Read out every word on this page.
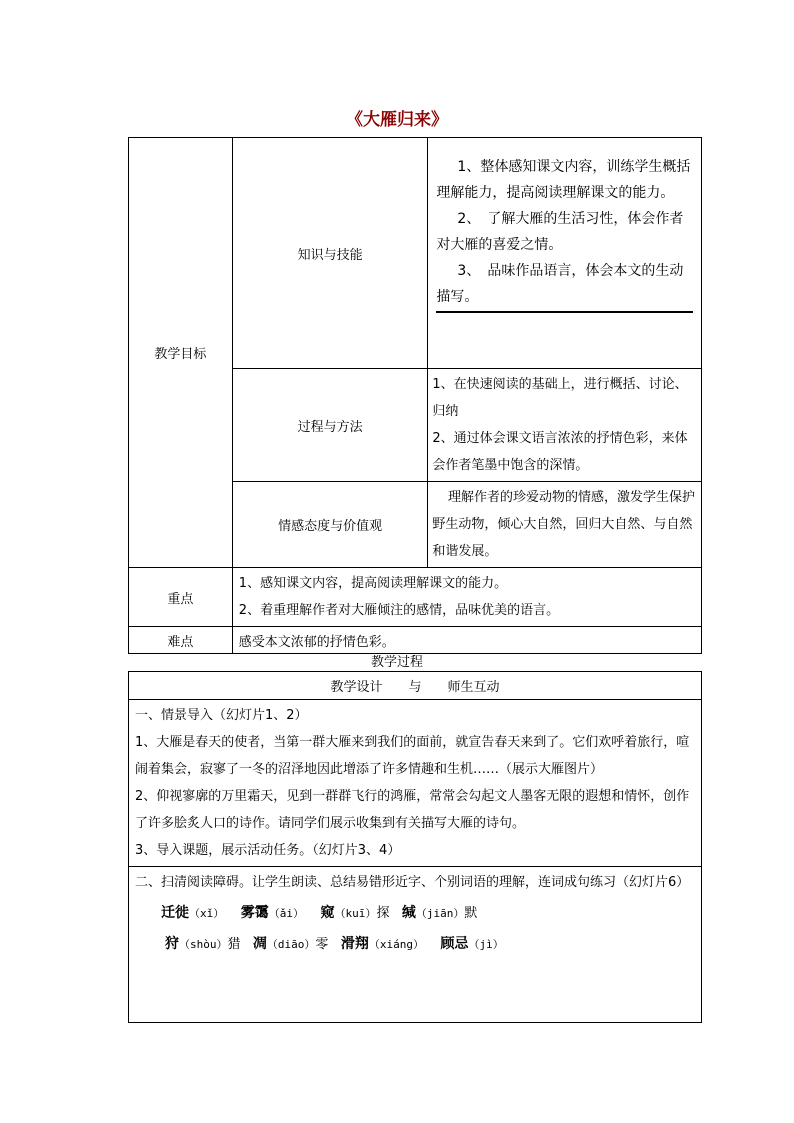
《大雁归来》
教学目标	知识与技能	1、整体感知课文内容，训练学生概括理解能力，提高阅读理解课文的能力。

2、　了解大雁的生活习性，体会作者对大雁的喜爱之情。

3、　品味作品语言，体会本文的生动描写。

	过程与方法	1、在快速阅读的基础上，进行概括、讨论、归纳

2、通过体会课文语言浓浓的抒情色彩，来体会作者笔墨中饱含的深情。

	情感态度与价值观	理解作者的珍爱动物的情感，激发学生保护野生动物，倾心大自然，回归大自然、与自然和谐发展。

重点	1、感知课文内容，提高阅读理解课文的能力。

2、着重理解作者对大雁倾注的感情，品味优美的语言。	

难点	感受本文浓郁的抒情色彩。	
教学过程
教学设计　　与　　师生互动

一、情景导入（幻灯片1、2）

1、大雁是春天的使者，当第一群大雁来到我们的面前，就宣告春天来到了。它们欢呼着旅行，喧闹着集会，寂寥了一冬的沼泽地因此增添了许多情趣和生机……（展示大雁图片）

2、仰视寥廓的万里霜天，见到一群群飞行的鸿雁，常常会勾起文人墨客无限的遐想和情怀，创作了许多脍炙人口的诗作。请同学们展示收集到有关描写大雁的诗句。

3、导入课题，展示活动任务。（幻灯片3、4）

二、扫清阅读障碍。让学生朗读、总结易错形近字、个别词语的理解，连词成句练习（幻灯片6）

迁徙（xǐ） 雾霭（ǎi） 窥（kuī）探 缄（jiān）默
狩（shòu）猎 凋（diāo）零 滑翔（xiáng） 顾忌（jì）
